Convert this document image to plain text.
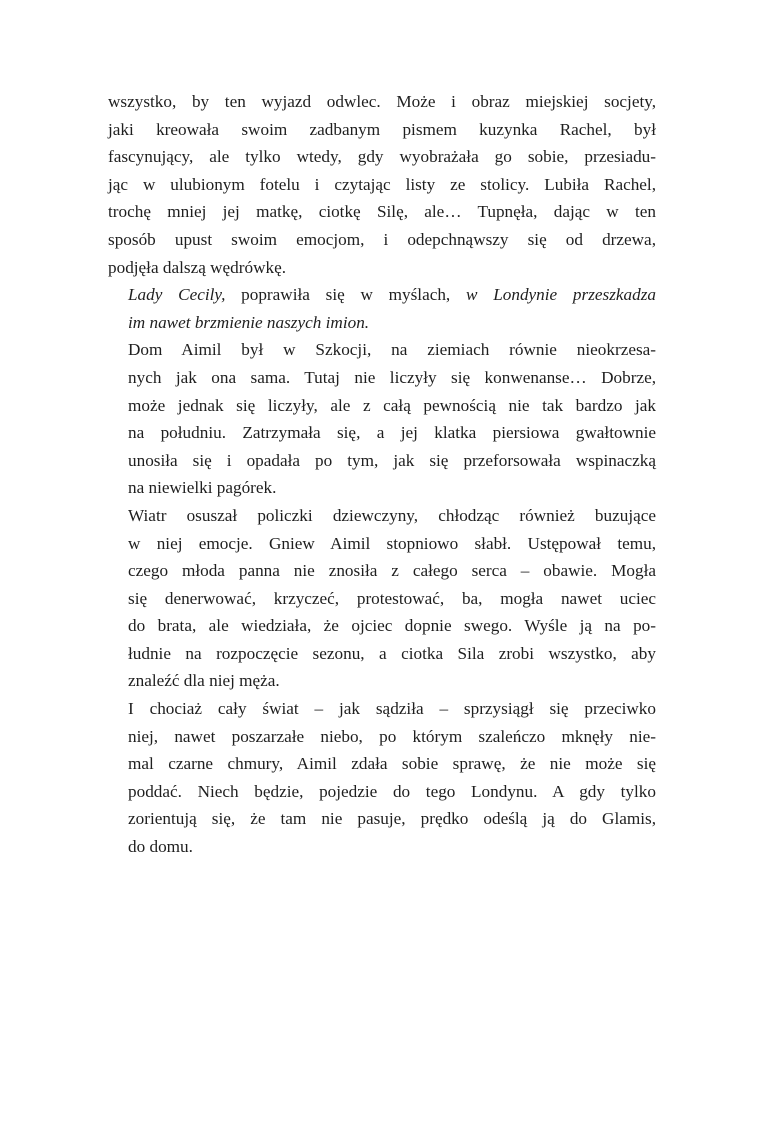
wszystko, by ten wyjazd odwlec. Może i obraz miejskiej socjety,
jaki kreowała swoim zadbanym pismem kuzynka Rachel, był
fascynujący, ale tylko wtedy, gdy wyobrażała go sobie, przesiadu-
jąc w ulubionym fotelu i czytając listy ze stolicy. Lubiła Rachel,
trochę mniej jej matkę, ciotkę Silę, ale… Tupnęła, dając w ten
sposób upust swoim emocjom, i odepchnąwszy się od drzewa,
podjęła dalszą wędrówkę.

Lady Cecily, poprawiła się w myślach, w Londynie przeszkadza
im nawet brzmienie naszych imion.

Dom Aimil był w Szkocji, na ziemiach równie nieokrzesa-
nych jak ona sama. Tutaj nie liczyły się konwenanse… Dobrze,
może jednak się liczyły, ale z całą pewnością nie tak bardzo jak
na południu. Zatrzymała się, a jej klatka piersiowa gwałtownie
unosiła się i opadała po tym, jak się przeforsowała wspinaczką
na niewielki pagórek.

Wiatr osuszał policzki dziewczyny, chłodząc również buzujące
w niej emocje. Gniew Aimil stopniowo słabł. Ustępował temu,
czego młoda panna nie znosiła z całego serca – obawie. Mogła
się denerwować, krzyczeć, protestować, ba, mogła nawet uciec
do brata, ale wiedziała, że ojciec dopnie swego. Wyśle ją na po-
łudnie na rozpoczęcie sezonu, a ciotka Sila zrobi wszystko, aby
znaleźć dla niej męża.

I chociaż cały świat – jak sądziła – sprzysiągł się przeciwko
niej, nawet poszarzałe niebo, po którym szaleńczo mknęły nie-
mal czarne chmury, Aimil zdała sobie sprawę, że nie może się
poddać. Niech będzie, pojedzie do tego Londynu. A gdy tylko
zorientują się, że tam nie pasuje, prędko odeślą ją do Glamis,
do domu.
